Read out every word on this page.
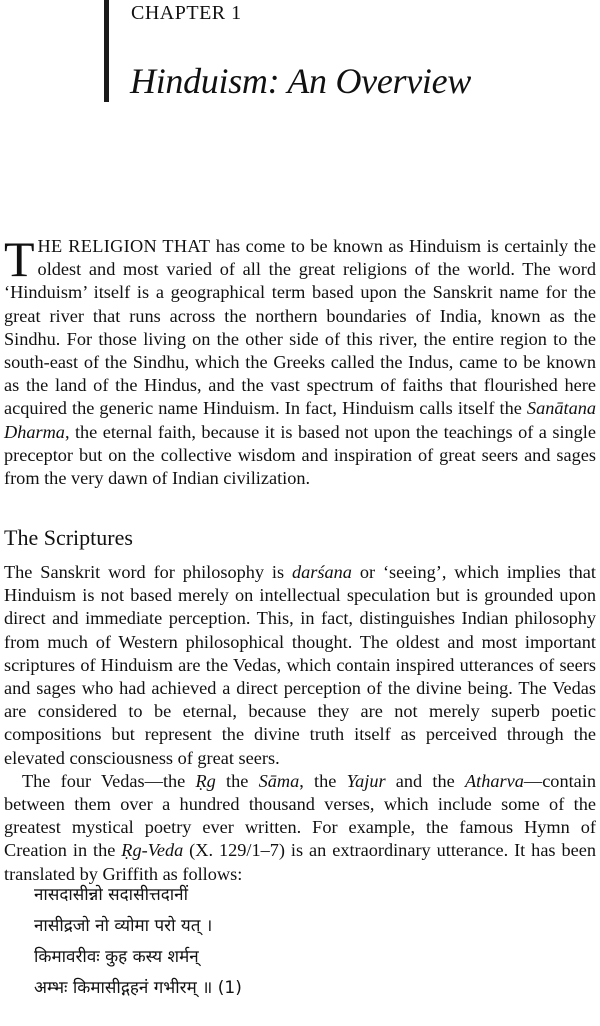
CHAPTER 1
Hinduism: An Overview

THE RELIGION THAT has come to be known as Hinduism is certainly the oldest and most varied of all the great religions of the world. The word ‘Hinduism’ itself is a geographical term based upon the Sanskrit name for the great river that runs across the northern boundaries of India, known as the Sindhu. For those living on the other side of this river, the entire region to the south-east of the Sindhu, which the Greeks called the Indus, came to be known as the land of the Hindus, and the vast spectrum of faiths that flourished here acquired the generic name Hinduism. In fact, Hinduism calls itself the Sanātana Dharma, the eternal faith, because it is based not upon the teachings of a single preceptor but on the collective wisdom and inspiration of great seers and sages from the very dawn of Indian civilization.

The Scriptures

The Sanskrit word for philosophy is darśana or ‘seeing’, which implies that Hinduism is not based merely on intellectual speculation but is grounded upon direct and immediate perception. This, in fact, distinguishes Indian philosophy from much of Western philosophical thought. The oldest and most important scriptures of Hinduism are the Vedas, which contain inspired utterances of seers and sages who had achieved a direct perception of the divine being. The Vedas are considered to be eternal, because they are not merely superb poetic compositions but represent the divine truth itself as perceived through the elevated consciousness of great seers.

The four Vedas—the Ṛg the Sāma, the Yajur and the Atharva—contain between them over a hundred thousand verses, which include some of the greatest mystical poetry ever written. For example, the famous Hymn of Creation in the Ṛg-Veda (X. 129/1–7) is an extraordinary utterance. It has been translated by Griffith as follows:

नासदासीन्नो सदासीत्तदानीं
नासीद्रजो नो व्योमा परो यत् ।
किमावरीवः कुह कस्य शर्मन्
अम्भः किमासीद्गहनं गभीरम् ॥ (1)
